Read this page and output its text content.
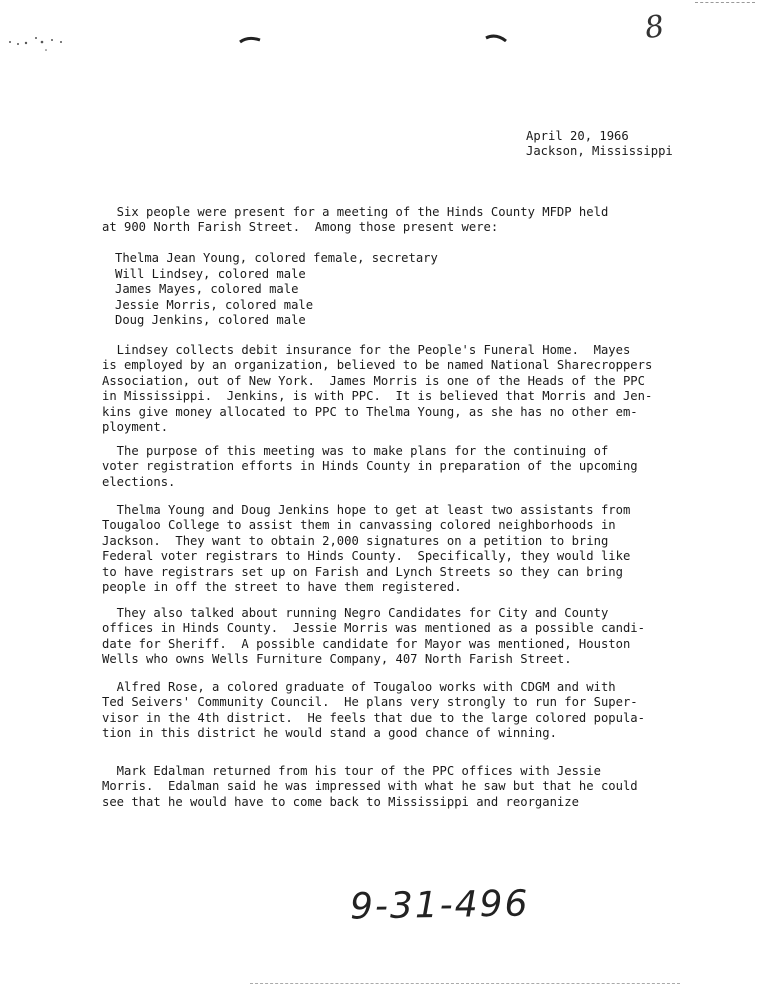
8
April 20, 1966
Jackson, Mississippi

Six people were present for a meeting of the Hinds County MFDP held

at 900 North Farish Street.  Among those present were:

Thelma Jean Young, colored female, secretary
Will Lindsey, colored male
James Mayes, colored male
Jessie Morris, colored male
Doug Jenkins, colored male

Lindsey collects debit insurance for the People's Funeral Home.  Mayes

is employed by an organization, believed to be named National Sharecroppers

Association, out of New York.  James Morris is one of the Heads of the PPC

in Mississippi.  Jenkins, is with PPC.  It is believed that Morris and Jen-

kins give money allocated to PPC to Thelma Young, as she has no other em-

ployment.

The purpose of this meeting was to make plans for the continuing of

voter registration efforts in Hinds County in preparation of the upcoming

elections.

Thelma Young and Doug Jenkins hope to get at least two assistants from

Tougaloo College to assist them in canvassing colored neighborhoods in

Jackson.  They want to obtain 2,000 signatures on a petition to bring

Federal voter registrars to Hinds County.  Specifically, they would like

to have registrars set up on Farish and Lynch Streets so they can bring

people in off the street to have them registered.

They also talked about running Negro Candidates for City and County

offices in Hinds County.  Jessie Morris was mentioned as a possible candi-

date for Sheriff.  A possible candidate for Mayor was mentioned, Houston

Wells who owns Wells Furniture Company, 407 North Farish Street.

Alfred Rose, a colored graduate of Tougaloo works with CDGM and with

Ted Seivers' Community Council.  He plans very strongly to run for Super-

visor in the 4th district.  He feels that due to the large colored popula-

tion in this district he would stand a good chance of winning.

Mark Edalman returned from his tour of the PPC offices with Jessie

Morris.  Edalman said he was impressed with what he saw but that he could

see that he would have to come back to Mississippi and reorganize

9-31-496
